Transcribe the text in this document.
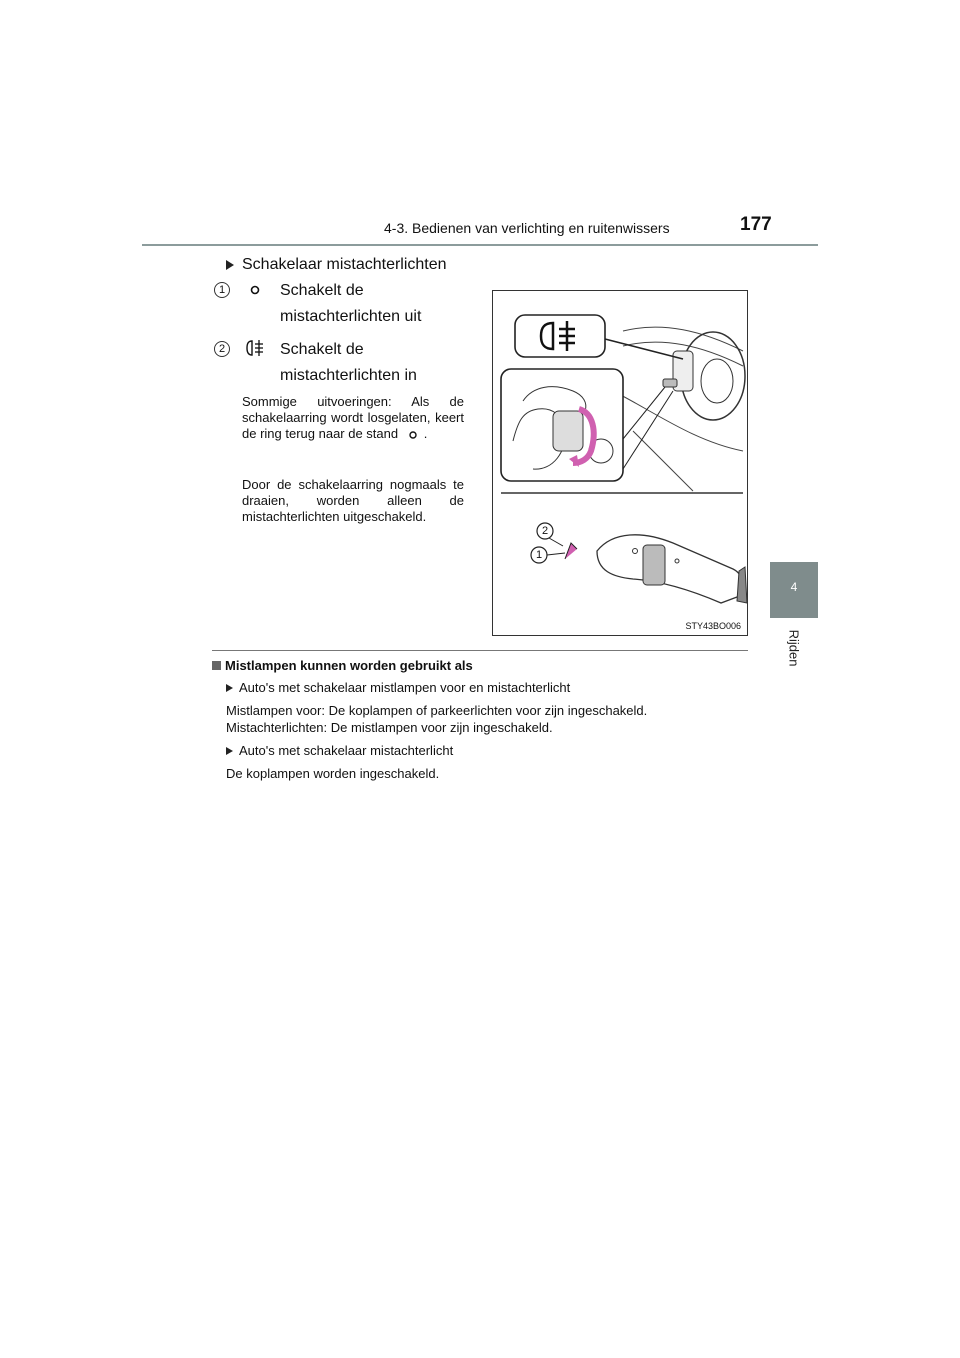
4-3. Bedienen van verlichting en ruitenwissers	177
4
Rijden
Schakelaar mistachterlichten
1	Schakelt de mistachterlichten uit
2	Schakelt de mistachterlichten in
Sommige uitvoeringen: Als de schakelaarring wordt losgelaten, keert de ring terug naar de stand .
Door de schakelaarring nogmaals te draaien, worden alleen de mistachterlichten uitgeschakeld.
2
1
STY43BO006
Mistlampen kunnen worden gebruikt als
Auto's met schakelaar mistlampen voor en mistachterlicht
Mistlampen voor: De koplampen of parkeerlichten voor zijn ingeschakeld.
Mistachterlichten: De mistlampen voor zijn ingeschakeld.
Auto's met schakelaar mistachterlicht
De koplampen worden ingeschakeld.
